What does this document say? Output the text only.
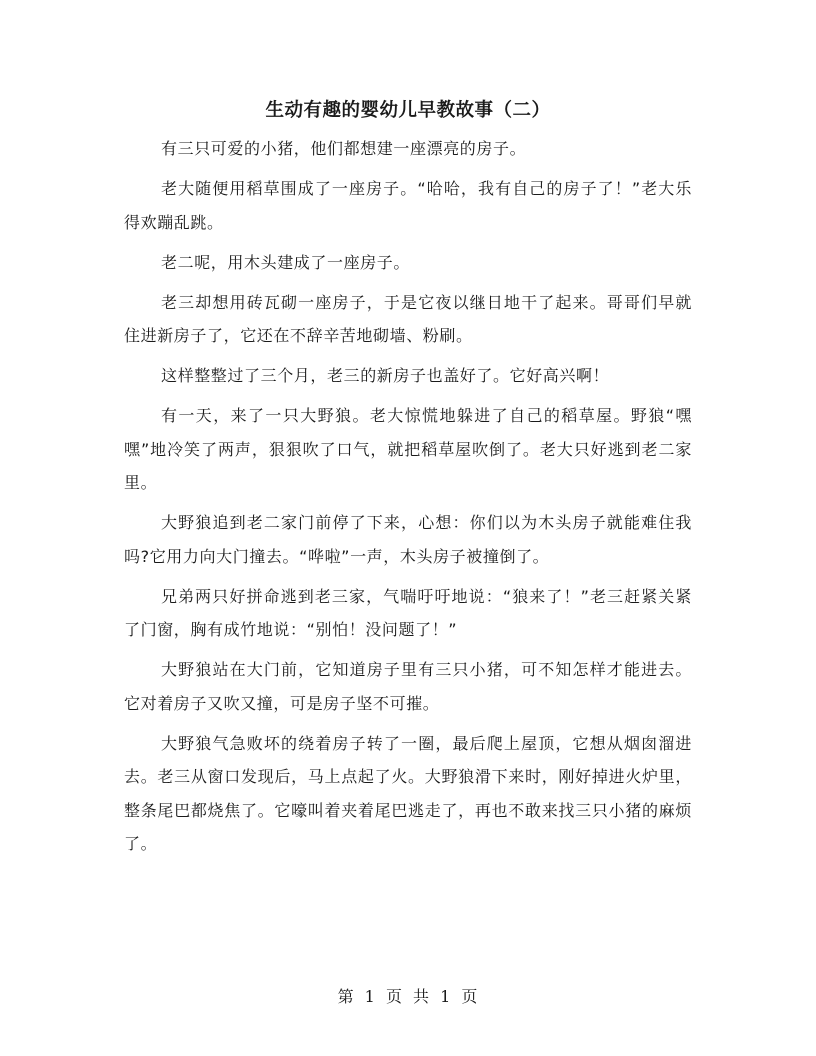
生动有趣的婴幼儿早教故事（二）

有三只可爱的小猪，他们都想建一座漂亮的房子。

老大随便用稻草围成了一座房子。“哈哈，我有自己的房子了！”老大乐得欢蹦乱跳。

老二呢，用木头建成了一座房子。

老三却想用砖瓦砌一座房子，于是它夜以继日地干了起来。哥哥们早就住进新房子了，它还在不辞辛苦地砌墙、粉刷。

这样整整过了三个月，老三的新房子也盖好了。它好高兴啊！

有一天，来了一只大野狼。老大惊慌地躲进了自己的稻草屋。野狼“嘿嘿”地冷笑了两声，狠狠吹了口气，就把稻草屋吹倒了。老大只好逃到老二家里。

大野狼追到老二家门前停了下来，心想：你们以为木头房子就能难住我吗?它用力向大门撞去。“哗啦”一声，木头房子被撞倒了。

兄弟两只好拼命逃到老三家，气喘吁吁地说：“狼来了！”老三赶紧关紧了门窗，胸有成竹地说：“别怕！没问题了！”

大野狼站在大门前，它知道房子里有三只小猪，可不知怎样才能进去。它对着房子又吹又撞，可是房子坚不可摧。

大野狼气急败坏的绕着房子转了一圈，最后爬上屋顶，它想从烟囱溜进去。老三从窗口发现后，马上点起了火。大野狼滑下来时，刚好掉进火炉里，整条尾巴都烧焦了。它嚎叫着夹着尾巴逃走了，再也不敢来找三只小猪的麻烦了。

第 1 页 共 1 页
